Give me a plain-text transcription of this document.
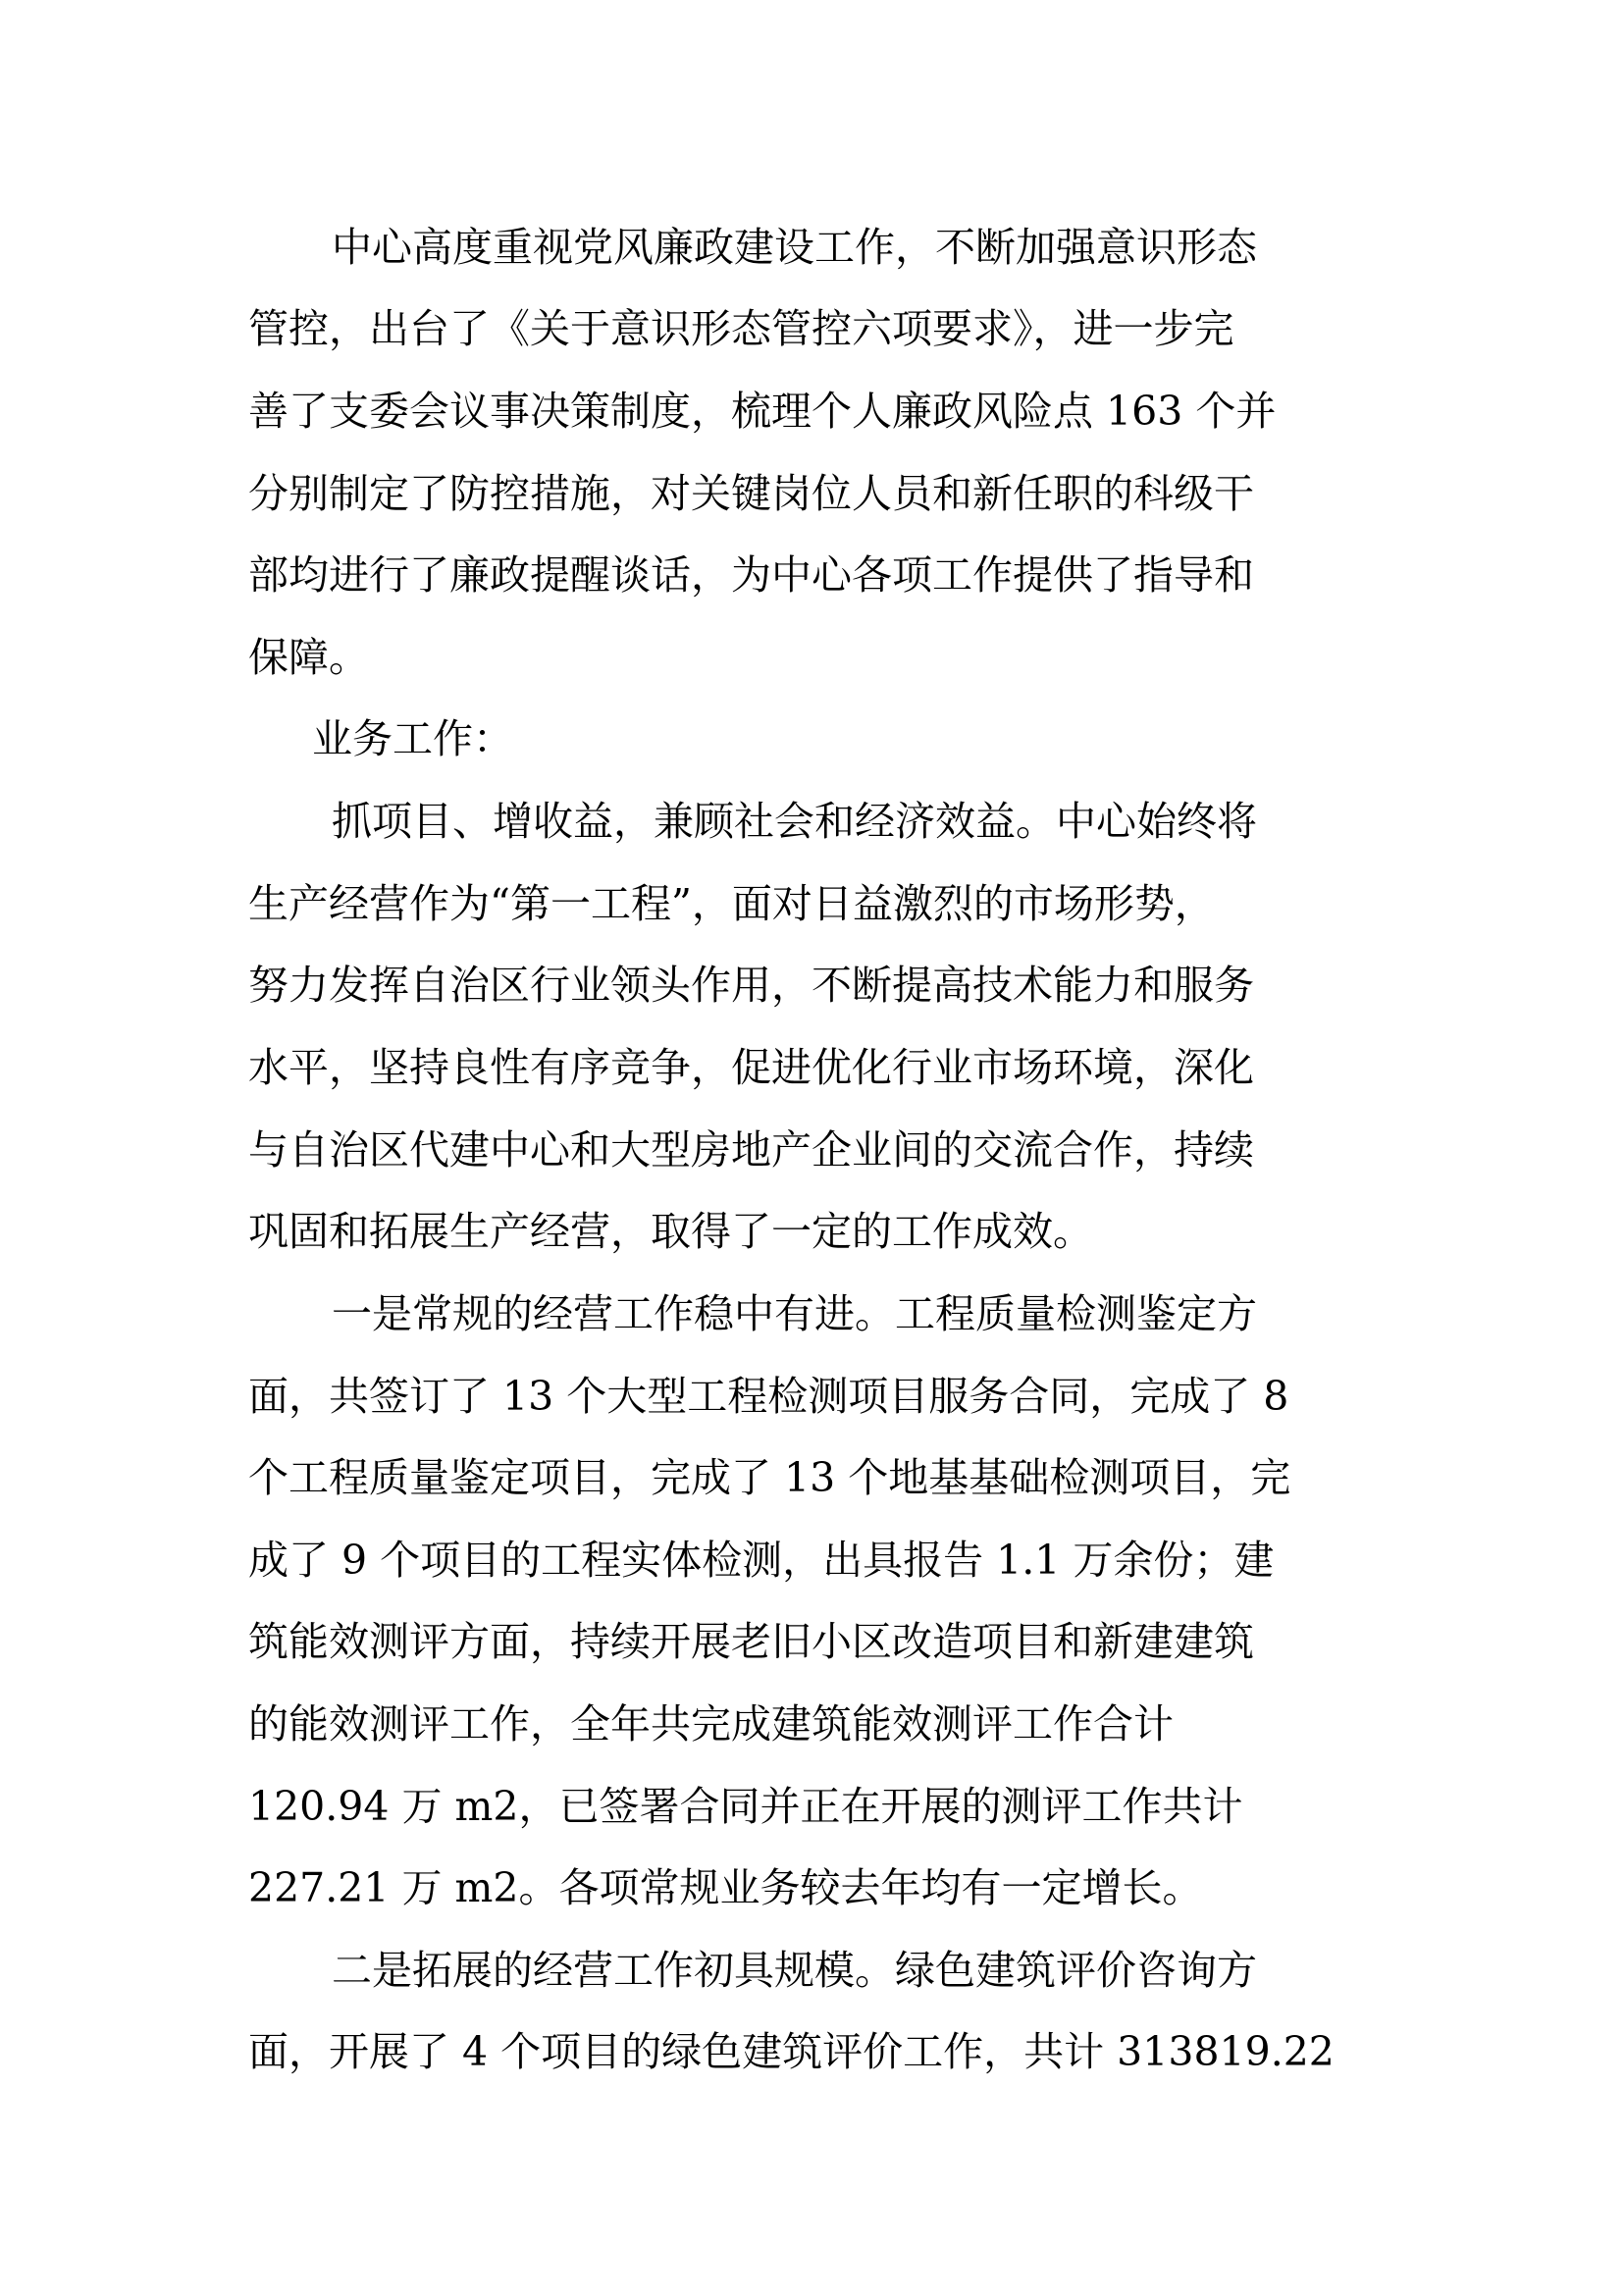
中心高度重视党风廉政建设工作，不断加强意识形态
管控，出台了《关于意识形态管控六项要求》，进一步完
善了支委会议事决策制度，梳理个人廉政风险点 163 个并
分别制定了防控措施，对关键岗位人员和新任职的科级干
部均进行了廉政提醒谈话，为中心各项工作提供了指导和
保障。
业务工作：
抓项目、增收益，兼顾社会和经济效益。中心始终将
生产经营作为“第一工程”，面对日益激烈的市场形势，
努力发挥自治区行业领头作用，不断提高技术能力和服务
水平，坚持良性有序竞争，促进优化行业市场环境，深化
与自治区代建中心和大型房地产企业间的交流合作，持续
巩固和拓展生产经营，取得了一定的工作成效。
一是常规的经营工作稳中有进。工程质量检测鉴定方
面，共签订了 13 个大型工程检测项目服务合同，完成了 8
个工程质量鉴定项目，完成了 13 个地基基础检测项目，完
成了 9 个项目的工程实体检测，出具报告 1.1 万余份；建
筑能效测评方面，持续开展老旧小区改造项目和新建建筑
的能效测评工作，全年共完成建筑能效测评工作合计
120.94 万 m2，已签署合同并正在开展的测评工作共计
227.21 万 m2。各项常规业务较去年均有一定增长。
二是拓展的经营工作初具规模。绿色建筑评价咨询方
面，开展了 4 个项目的绿色建筑评价工作，共计 313819.22
